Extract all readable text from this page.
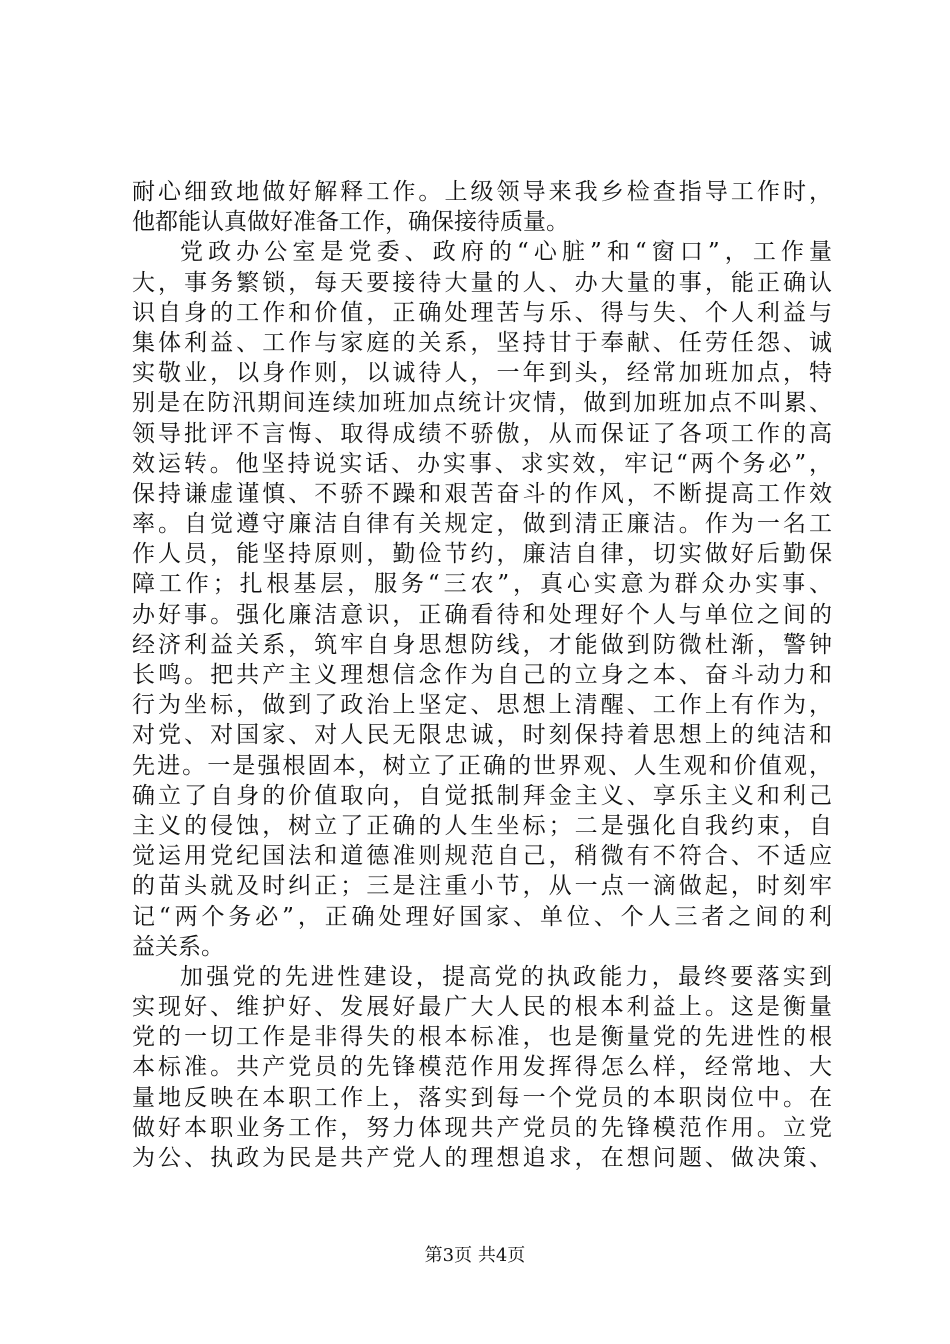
耐心细致地做好解释工作。上级领导来我乡检查指导工作时，
他都能认真做好准备工作，确保接待质量。
党政办公室是党委、政府的“心脏”和“窗口”，工作量
大，事务繁锁，每天要接待大量的人、办大量的事，能正确认
识自身的工作和价值，正确处理苦与乐、得与失、个人利益与
集体利益、工作与家庭的关系，坚持甘于奉献、任劳任怨、诚
实敬业，以身作则，以诚待人，一年到头，经常加班加点，特
别是在防汛期间连续加班加点统计灾情，做到加班加点不叫累、
领导批评不言悔、取得成绩不骄傲，从而保证了各项工作的高
效运转。他坚持说实话、办实事、求实效，牢记“两个务必”，
保持谦虚谨慎、不骄不躁和艰苦奋斗的作风，不断提高工作效
率。自觉遵守廉洁自律有关规定，做到清正廉洁。作为一名工
作人员，能坚持原则，勤俭节约，廉洁自律，切实做好后勤保
障工作；扎根基层，服务“三农”，真心实意为群众办实事、
办好事。强化廉洁意识，正确看待和处理好个人与单位之间的
经济利益关系，筑牢自身思想防线，才能做到防微杜渐，警钟
长鸣。把共产主义理想信念作为自己的立身之本、奋斗动力和
行为坐标，做到了政治上坚定、思想上清醒、工作上有作为，
对党、对国家、对人民无限忠诚，时刻保持着思想上的纯洁和
先进。一是强根固本，树立了正确的世界观、人生观和价值观，
确立了自身的价值取向，自觉抵制拜金主义、享乐主义和利己
主义的侵蚀，树立了正确的人生坐标；二是强化自我约束，自
觉运用党纪国法和道德准则规范自己，稍微有不符合、不适应
的苗头就及时纠正；三是注重小节，从一点一滴做起，时刻牢
记“两个务必”，正确处理好国家、单位、个人三者之间的利
益关系。
加强党的先进性建设，提高党的执政能力，最终要落实到
实现好、维护好、发展好最广大人民的根本利益上。这是衡量
党的一切工作是非得失的根本标准，也是衡量党的先进性的根
本标准。共产党员的先锋模范作用发挥得怎么样，经常地、大
量地反映在本职工作上，落实到每一个党员的本职岗位中。在
做好本职业务工作，努力体现共产党员的先锋模范作用。立党
为公、执政为民是共产党人的理想追求，在想问题、做决策、
第3页 共4页
